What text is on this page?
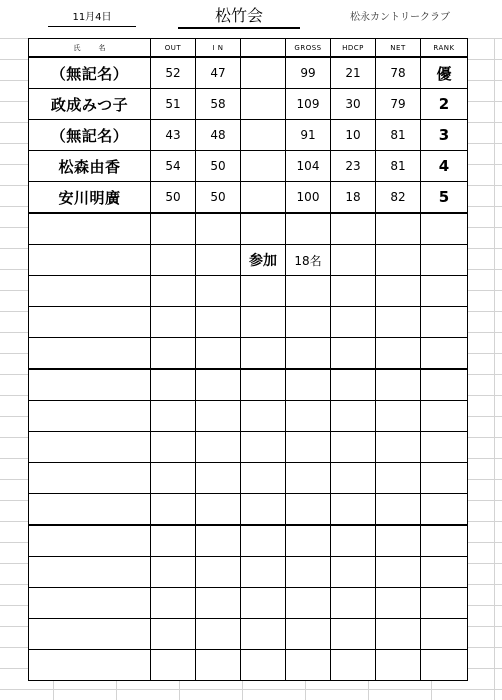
11月4日	松竹会	松永カントリークラブ
氏名	OUT	I N		GROSS	HDCP	NET	RANK
（無記名）	52	47		99	21	78	優
政成みつ子	51	58		109	30	79	2
（無記名）	43	48		91	10	81	3
松森由香	54	50		104	23	81	4
安川明廣	50	50		100	18	82	5

			参加	18名			
